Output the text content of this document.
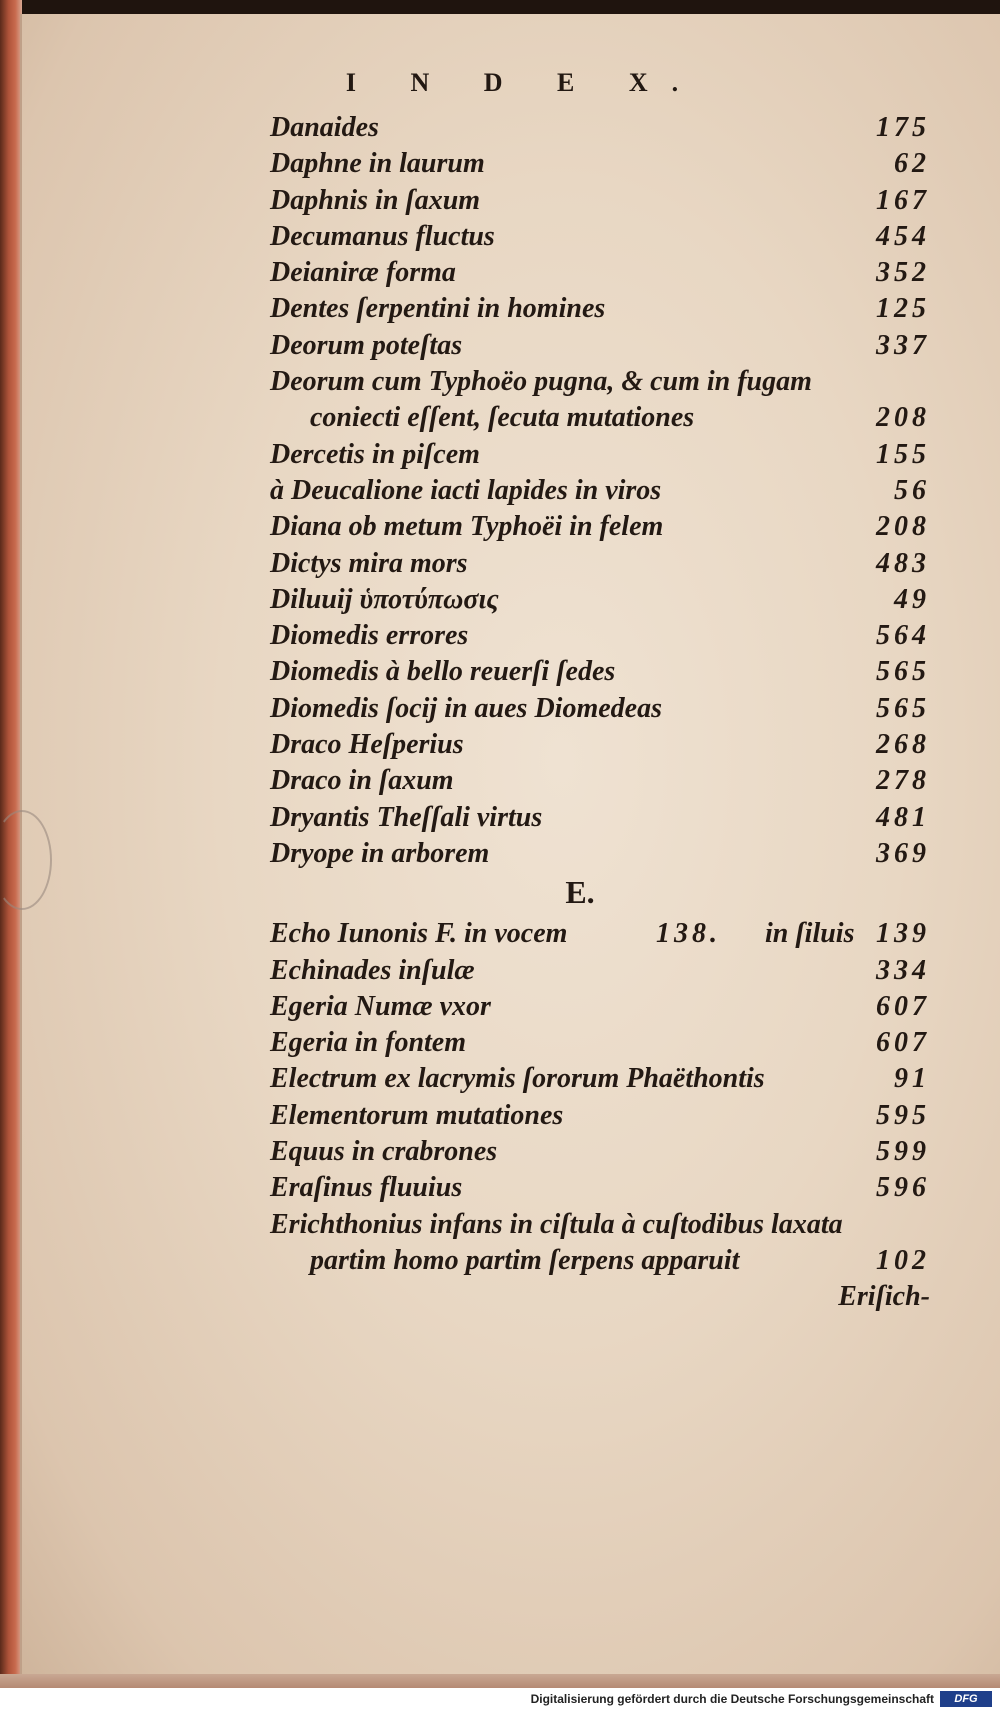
I N D E X.
Danaides	175
Daphne in laurum	62
Daphnis in ſaxum	167
Decumanus fluctus	454
Deianiræ forma	352
Dentes ſerpentini in homines	125
Deorum poteſtas	337
Deorum cum Typhoëo pugna, & cum in fugam
coniecti eſſent, ſecuta mutationes	208
Dercetis in piſcem	155
à Deucalione iacti lapides in viros	56
Diana ob metum Typhoëi in felem	208
Dictys mira mors	483
Diluuij ὑποτύπωσις	49
Diomedis errores	564
Diomedis à bello reuerſi ſedes	565
Diomedis ſocij in aues Diomedeas	565
Draco Heſperius	268
Draco in ſaxum	278
Dryantis Theſſali virtus	481
Dryope in arborem	369
E.
Echo Iunonis F. in vocem	138. in ſiluis 139
Echinades inſulæ	334
Egeria Numæ vxor	607
Egeria in fontem	607
Electrum ex lacrymis ſororum Phaëthontis	91
Elementorum mutationes	595
Equus in crabrones	599
Eraſinus fluuius	596
Erichthonius infans in ciſtula à cuſtodibus laxata
partim homo partim ſerpens apparuit	102
Eriſich-
Digitalisierung gefördert durch die Deutsche Forschungsgemeinschaft	DFG
